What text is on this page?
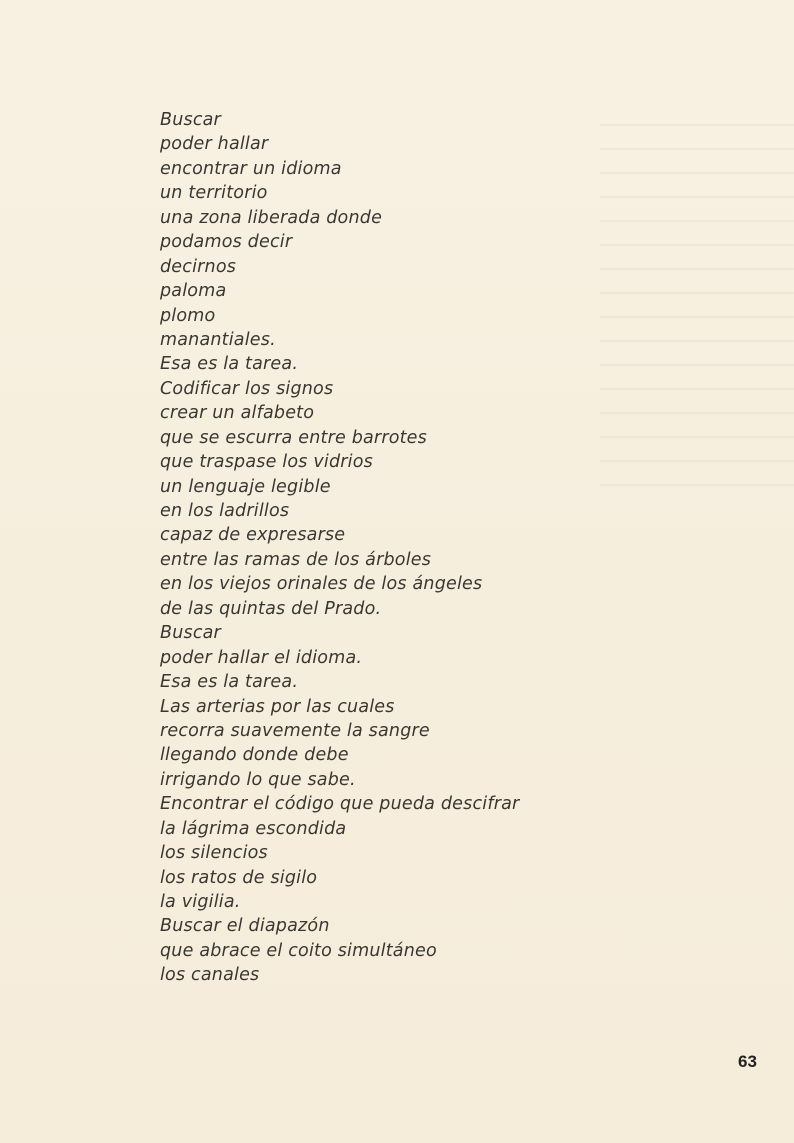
Buscar
poder hallar
encontrar un idioma
un territorio
una zona liberada donde
podamos decir
decirnos
paloma
plomo
manantiales.
Esa es la tarea.
Codificar los signos
crear un alfabeto
que se escurra entre barrotes
que traspase los vidrios
un lenguaje legible
en los ladrillos
capaz de expresarse
entre las ramas de los árboles
en los viejos orinales de los ángeles
de las quintas del Prado.
Buscar
poder hallar el idioma.
Esa es la tarea.
Las arterias por las cuales
recorra suavemente la sangre
llegando donde debe
irrigando lo que sabe.
Encontrar el código que pueda descifrar
la lágrima escondida
los silencios
los ratos de sigilo
la vigilia.
Buscar el diapazón
que abrace el coito simultáneo
los canales
63
